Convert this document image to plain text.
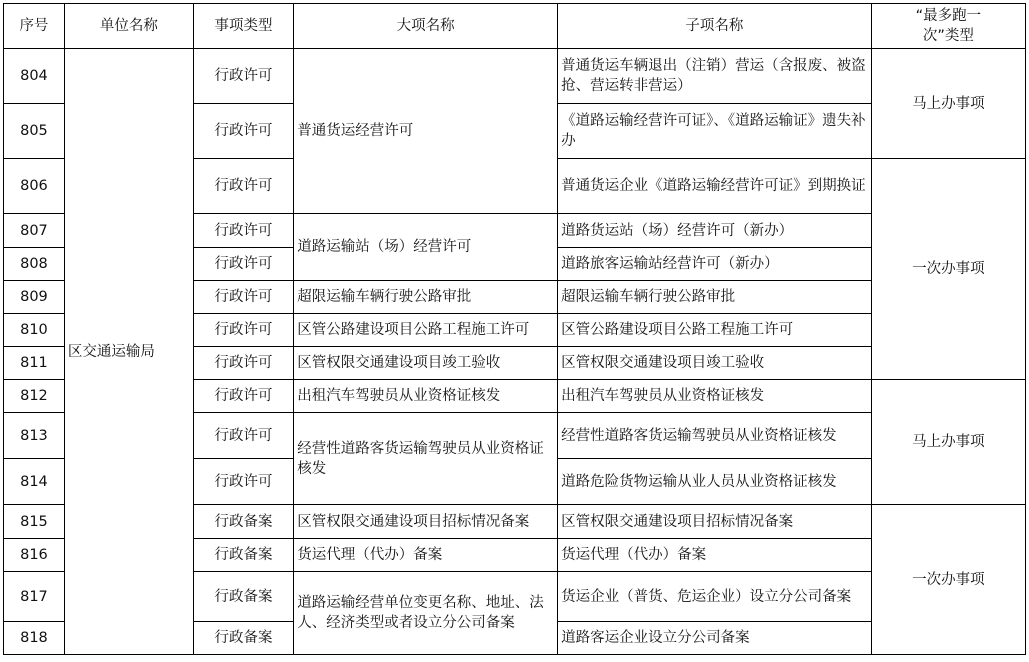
序号	单位名称	事项类型	大项名称	子项名称	“最多跑一次”类型
804	区交通运输局	行政许可	普通货运经营许可	普通货运车辆退出（注销）营运（含报废、被盗抢、营运转非营运）	马上办事项
805		行政许可		《道路运输经营许可证》、《道路运输证》遗失补办	
806		行政许可		普通货运企业《道路运输经营许可证》到期换证	一次办事项
807		行政许可	道路运输站（场）经营许可	道路货运站（场）经营许可（新办）	
808		行政许可		道路旅客运输站经营许可（新办）	
809		行政许可	超限运输车辆行驶公路审批	超限运输车辆行驶公路审批	
810		行政许可	区管公路建设项目公路工程施工许可	区管公路建设项目公路工程施工许可	
811		行政许可	区管权限交通建设项目竣工验收	区管权限交通建设项目竣工验收	
812		行政许可	出租汽车驾驶员从业资格证核发	出租汽车驾驶员从业资格证核发	马上办事项
813		行政许可	经营性道路客货运输驾驶员从业资格证核发	经营性道路客货运输驾驶员从业资格证核发	
814		行政许可		道路危险货物运输从业人员从业资格证核发	
815		行政备案	区管权限交通建设项目招标情况备案	区管权限交通建设项目招标情况备案	一次办事项
816		行政备案	货运代理（代办）备案	货运代理（代办）备案	
817		行政备案	道路运输经营单位变更名称、地址、法人、经济类型或者设立分公司备案	货运企业（普货、危运企业）设立分公司备案	
818		行政备案		道路客运企业设立分公司备案	
